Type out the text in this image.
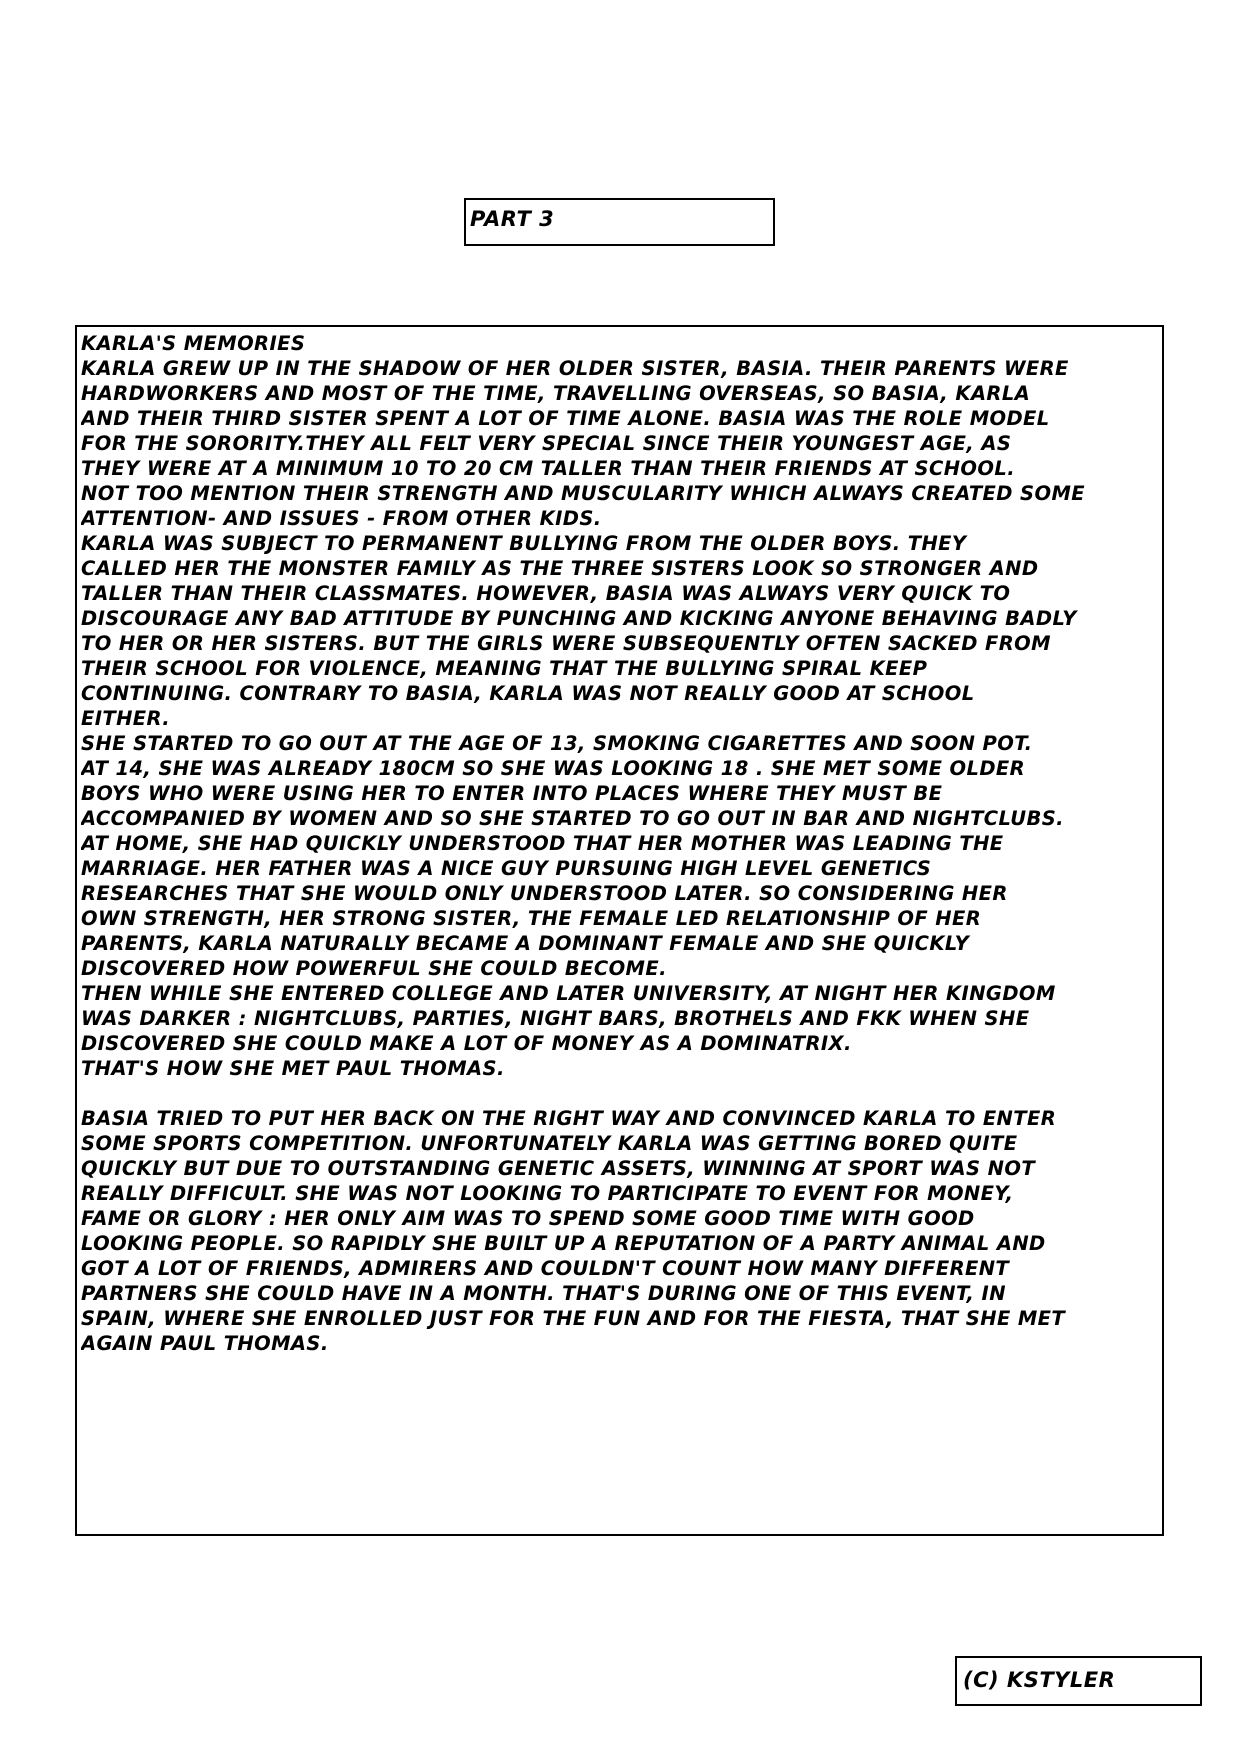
PART 3
KARLA'S MEMORIES
KARLA GREW UP IN THE SHADOW OF HER OLDER SISTER, BASIA. THEIR PARENTS WERE
HARDWORKERS AND MOST OF THE TIME, TRAVELLING OVERSEAS, SO BASIA, KARLA
AND THEIR THIRD SISTER SPENT A LOT OF TIME ALONE. BASIA WAS THE ROLE MODEL
FOR THE SORORITY.THEY ALL FELT VERY SPECIAL SINCE THEIR YOUNGEST AGE, AS
THEY WERE AT A MINIMUM 10 TO 20 CM TALLER THAN THEIR FRIENDS AT SCHOOL.
NOT TOO MENTION THEIR STRENGTH AND MUSCULARITY WHICH ALWAYS CREATED SOME
ATTENTION- AND ISSUES - FROM OTHER KIDS.
KARLA WAS SUBJECT TO PERMANENT BULLYING FROM THE OLDER BOYS. THEY
CALLED HER THE MONSTER FAMILY AS THE THREE SISTERS LOOK SO STRONGER AND
TALLER THAN THEIR CLASSMATES. HOWEVER, BASIA WAS ALWAYS VERY QUICK TO
DISCOURAGE ANY BAD ATTITUDE BY PUNCHING AND KICKING ANYONE BEHAVING BADLY
TO HER OR HER SISTERS. BUT THE GIRLS WERE SUBSEQUENTLY OFTEN SACKED FROM
THEIR SCHOOL FOR VIOLENCE, MEANING THAT THE BULLYING SPIRAL KEEP
CONTINUING. CONTRARY TO BASIA, KARLA WAS NOT REALLY GOOD AT SCHOOL
EITHER.
SHE STARTED TO GO OUT AT THE AGE OF 13, SMOKING CIGARETTES AND SOON POT.
AT 14, SHE WAS ALREADY 180CM SO SHE WAS LOOKING 18 . SHE MET SOME OLDER
BOYS WHO WERE USING HER TO ENTER INTO PLACES WHERE THEY MUST BE
ACCOMPANIED BY WOMEN AND SO SHE STARTED TO GO OUT IN BAR AND NIGHTCLUBS.
AT HOME, SHE HAD QUICKLY UNDERSTOOD THAT HER MOTHER WAS LEADING THE
MARRIAGE. HER FATHER WAS A NICE GUY PURSUING HIGH LEVEL GENETICS
RESEARCHES THAT SHE WOULD ONLY UNDERSTOOD LATER. SO CONSIDERING HER
OWN STRENGTH, HER STRONG SISTER, THE FEMALE LED RELATIONSHIP OF HER
PARENTS, KARLA NATURALLY BECAME A DOMINANT FEMALE AND SHE QUICKLY
DISCOVERED HOW POWERFUL SHE COULD BECOME.
THEN WHILE SHE ENTERED COLLEGE AND LATER UNIVERSITY, AT NIGHT HER KINGDOM
WAS DARKER : NIGHTCLUBS, PARTIES, NIGHT BARS, BROTHELS AND FKK WHEN SHE
DISCOVERED SHE COULD MAKE A LOT OF MONEY AS A DOMINATRIX.
THAT'S HOW SHE MET PAUL THOMAS.
BASIA TRIED TO PUT HER BACK ON THE RIGHT WAY AND CONVINCED KARLA TO ENTER
SOME SPORTS COMPETITION. UNFORTUNATELY KARLA WAS GETTING BORED QUITE
QUICKLY BUT DUE TO OUTSTANDING GENETIC ASSETS, WINNING AT SPORT WAS NOT
REALLY DIFFICULT. SHE WAS NOT LOOKING TO PARTICIPATE TO EVENT FOR MONEY,
FAME OR GLORY : HER ONLY AIM WAS TO SPEND SOME GOOD TIME WITH GOOD
LOOKING PEOPLE. SO RAPIDLY SHE BUILT UP A REPUTATION OF A PARTY ANIMAL AND
GOT A LOT OF FRIENDS, ADMIRERS AND COULDN'T COUNT HOW MANY DIFFERENT
PARTNERS SHE COULD HAVE IN A MONTH. THAT'S DURING ONE OF THIS EVENT, IN
SPAIN, WHERE SHE ENROLLED JUST FOR THE FUN AND FOR THE FIESTA, THAT SHE MET
AGAIN PAUL THOMAS.
(C) KSTYLER
